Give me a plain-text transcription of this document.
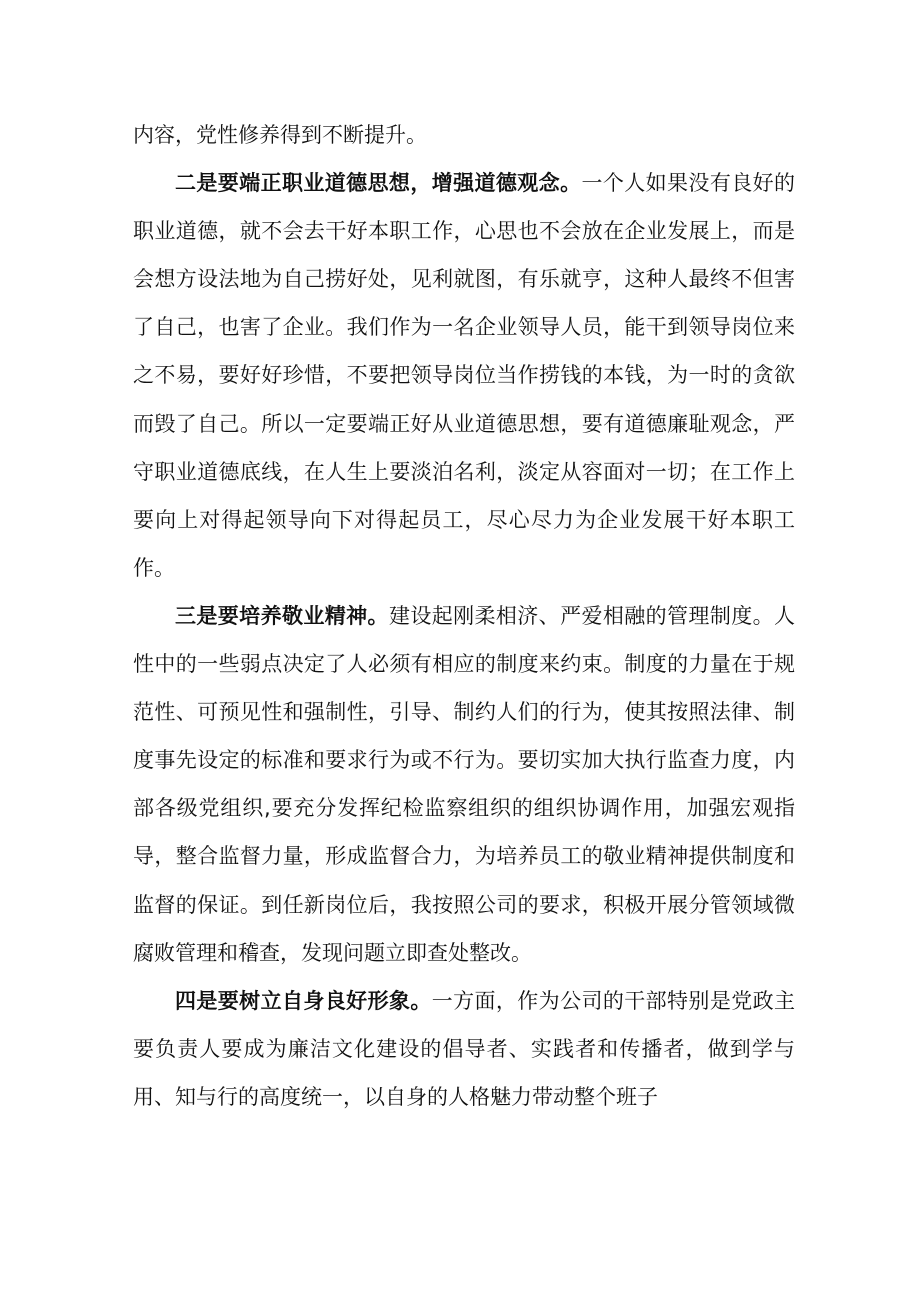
内容，党性修养得到不断提升。

二是要端正职业道德思想，增强道德观念。一个人如果没有良好的职业道德，就不会去干好本职工作，心思也不会放在企业发展上，而是会想方设法地为自己捞好处，见利就图，有乐就亨，这种人最终不但害了自己，也害了企业。我们作为一名企业领导人员，能干到领导岗位来之不易，要好好珍惜，不要把领导岗位当作捞钱的本钱，为一时的贪欲而毁了自己。所以一定要端正好从业道德思想，要有道德廉耻观念，严守职业道德底线，在人生上要淡泊名利，淡定从容面对一切；在工作上要向上对得起领导向下对得起员工，尽心尽力为企业发展干好本职工作。

三是要培养敬业精神。建设起刚柔相济、严爱相融的管理制度。人性中的一些弱点决定了人必须有相应的制度来约束。制度的力量在于规范性、可预见性和强制性，引导、制约人们的行为，使其按照法律、制度事先设定的标准和要求行为或不行为。要切实加大执行监查力度，内部各级党组织,要充分发挥纪检监察组织的组织协调作用，加强宏观指导，整合监督力量，形成监督合力，为培养员工的敬业精神提供制度和监督的保证。到任新岗位后，我按照公司的要求，积极开展分管领域微腐败管理和稽查，发现问题立即查处整改。

四是要树立自身良好形象。一方面，作为公司的干部特别是党政主要负责人要成为廉洁文化建设的倡导者、实践者和传播者，做到学与用、知与行的高度统一，以自身的人格魅力带动整个班子
